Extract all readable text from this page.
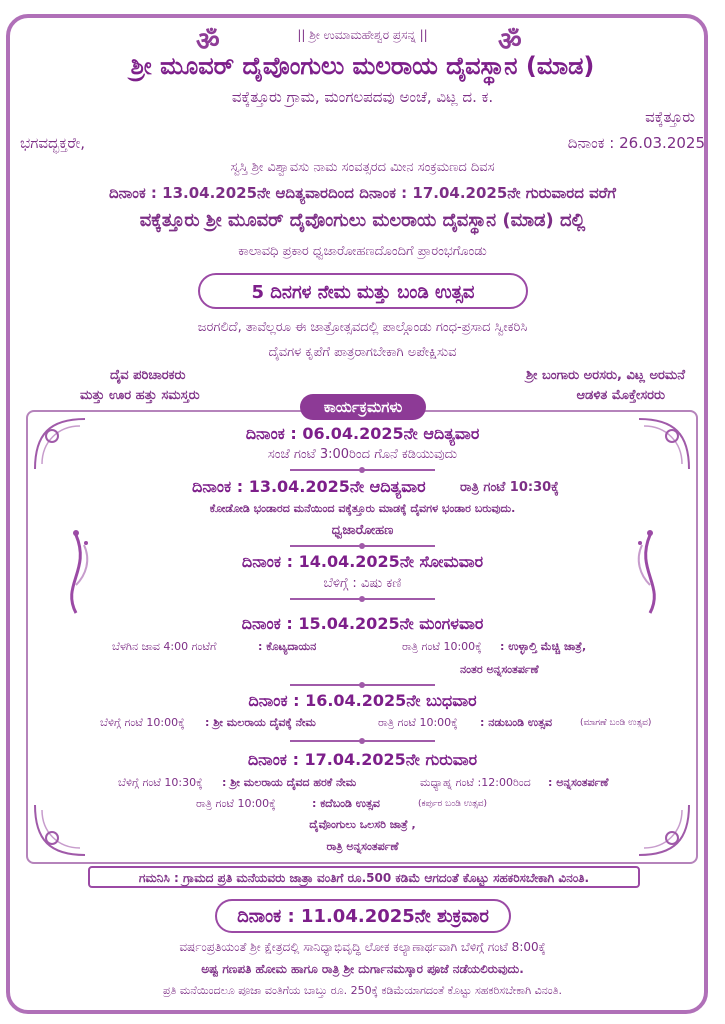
ॐ	ॐ
|| ಶ್ರೀ ಉಮಾಮಹೇಶ್ವರ ಪ್ರಸನ್ನ ||
ಶ್ರೀ ಮೂವರ್ ದೈವೊಂಗುಲು ಮಲರಾಯ ದೈವಸ್ಥಾನ (ಮಾಡ)
ವಕ್ಕೆತ್ತೂರು ಗ್ರಾಮ, ಮಂಗಲಪದವು ಅಂಚೆ, ವಿಟ್ಲ ದ. ಕ.
ವಕ್ಕೆತ್ತೂರು
ದಿನಾಂಕ : 26.03.2025
ಭಗವದ್ಭಕ್ತರೇ,
ಸ್ವಸ್ತಿ ಶ್ರೀ ವಿಶ್ವಾವಸು ನಾಮ ಸಂವತ್ಸರದ ಮೀನ ಸಂಕ್ರಮಣದ ದಿವಸ
ದಿನಾಂಕ : 13.04.2025ನೇ ಆದಿತ್ಯವಾರದಿಂದ ದಿನಾಂಕ : 17.04.2025ನೇ ಗುರುವಾರದ ವರೆಗೆ
ವಕ್ಕೆತ್ತೂರು ಶ್ರೀ ಮೂವರ್ ದೈವೊಂಗುಲು ಮಲರಾಯ ದೈವಸ್ಥಾನ (ಮಾಡ) ದಲ್ಲಿ
ಕಾಲಾವಧಿ ಪ್ರಕಾರ ಧ್ವಜಾರೋಹಣದೊಂದಿಗೆ ಪ್ರಾರಂಭಗೊಂಡು
5 ದಿನಗಳ ನೇಮ ಮತ್ತು ಬಂಡಿ ಉತ್ಸವ
ಜರಗಲಿದೆ, ತಾವೆಲ್ಲರೂ ಈ ಜಾತ್ರೋತ್ಸವದಲ್ಲಿ ಪಾಲ್ಗೊಂಡು ಗಂಧ-ಪ್ರಸಾದ ಸ್ವೀಕರಿಸಿ
ದೈವಗಳ ಕೃಪೆಗೆ ಪಾತ್ರರಾಗಬೇಕಾಗಿ ಅಪೇಕ್ಷಿಸುವ
ದೈವ ಪರಿಚಾರಕರು
ಮತ್ತು ಊರ ಹತ್ತು ಸಮಸ್ತರು
ಶ್ರೀ ಬಂಗಾರು ಅರಸರು, ವಿಟ್ಲ ಅರಮನೆ
ಆಡಳಿತ ಮೊಕ್ತೇಸರರು
ಕಾರ್ಯಕ್ರಮಗಳು
ದಿನಾಂಕ : 06.04.2025ನೇ ಆದಿತ್ಯವಾರ
ಸಂಜೆ ಗಂಟೆ 3:00ರಿಂದ ಗೊನೆ ಕಡಿಯುವುದು
ದಿನಾಂಕ : 13.04.2025ನೇ ಆದಿತ್ಯವಾರ	ರಾತ್ರಿ ಗಂಟೆ 10:30ಕ್ಕೆ
ಕೋಡೋಡಿ ಭಂಡಾರದ ಮನೆಯಿಂದ ವಕ್ಕೆತ್ತೂರು ಮಾಡಕ್ಕೆ ದೈವಗಳ ಭಂಡಾರ ಬರುವುದು.
ಧ್ವಜಾರೋಹಣ
ದಿನಾಂಕ : 14.04.2025ನೇ ಸೋಮವಾರ
ಬೆಳಿಗ್ಗೆ : ವಿಷು ಕಣಿ
ದಿನಾಂಕ : 15.04.2025ನೇ ಮಂಗಳವಾರ
ಬೆಳಗಿನ ಜಾವ 4:00 ಗಂಟೆಗೆ	: ಕೊಟ್ಯದಾಯನ	ರಾತ್ರಿ ಗಂಟೆ 10:00ಕ್ಕೆ : ಉಳ್ಳಾಲ್ತಿ ಮೆಚ್ಚಿ ಜಾತ್ರೆ,
ನಂತರ ಅನ್ನಸಂತರ್ಪಣೆ
ದಿನಾಂಕ : 16.04.2025ನೇ ಬುಧವಾರ
ಬೆಳಿಗ್ಗೆ ಗಂಟೆ 10:00ಕ್ಕೆ : ಶ್ರೀ ಮಲರಾಯ ದೈವಕ್ಕೆ ನೇಮ	ರಾತ್ರಿ ಗಂಟೆ 10:00ಕ್ಕೆ : ನಡುಬಂಡಿ ಉತ್ಸವ	(ಮಾಗಣೆ ಬಂಡಿ ಉತ್ಸವ)
ದಿನಾಂಕ : 17.04.2025ನೇ ಗುರುವಾರ
ಬೆಳಿಗ್ಗೆ ಗಂಟೆ 10:30ಕ್ಕೆ : ಶ್ರೀ ಮಲರಾಯ ದೈವದ ಹರಕೆ ನೇಮ	ಮಧ್ಯಾಹ್ನ ಗಂಟೆ :12:00ರಿಂದ : ಅನ್ನಸಂತರ್ಪಣೆ
ರಾತ್ರಿ ಗಂಟೆ 10:00ಕ್ಕೆ	: ಕದೆಬಂಡಿ ಉತ್ಸವ	(ಕರ್ಪುರ ಬಂಡಿ ಉತ್ಸವ)
ದೈವೊಂಗುಲು ಒಲಸರಿ ಜಾತ್ರೆ ,
ರಾತ್ರಿ ಅನ್ನಸಂತರ್ಪಣೆ
ಗಮನಿಸಿ : ಗ್ರಾಮದ ಪ್ರತಿ ಮನೆಯವರು ಜಾತ್ರಾ ವಂತಿಗೆ ರೂ.500 ಕಡಿಮೆ ಆಗದಂತೆ ಕೊಟ್ಟು ಸಹಕರಿಸಬೇಕಾಗಿ ವಿನಂತಿ.
ದಿನಾಂಕ : 11.04.2025ನೇ ಶುಕ್ರವಾರ
ವರ್ಷಂಪ್ರತಿಯಂತೆ ಶ್ರೀ ಕ್ಷೇತ್ರದಲ್ಲಿ ಸಾನಿಧ್ಯಾಭಿವೃದ್ಧಿ ಲೋಕ ಕಲ್ಯಾಣಾರ್ಥವಾಗಿ ಬೆಳಿಗ್ಗೆ ಗಂಟೆ 8:00ಕ್ಕೆ
ಅಷ್ಟ ಗಣಪತಿ ಹೋಮ ಹಾಗೂ ರಾತ್ರಿ ಶ್ರೀ ದುರ್ಗಾನಮಸ್ಕಾರ ಪೂಜೆ ನಡೆಯಲಿರುವುದು.
ಪ್ರತಿ ಮನೆಯಿಂದಲೂ ಪೂಜಾ ವಂತಿಗೆಯ ಬಾಬ್ತು ರೂ. 250ಕ್ಕೆ ಕಡಿಮೆಯಾಗದಂತೆ ಕೊಟ್ಟು ಸಹಕರಿಸಬೇಕಾಗಿ ವಿನಂತಿ.
